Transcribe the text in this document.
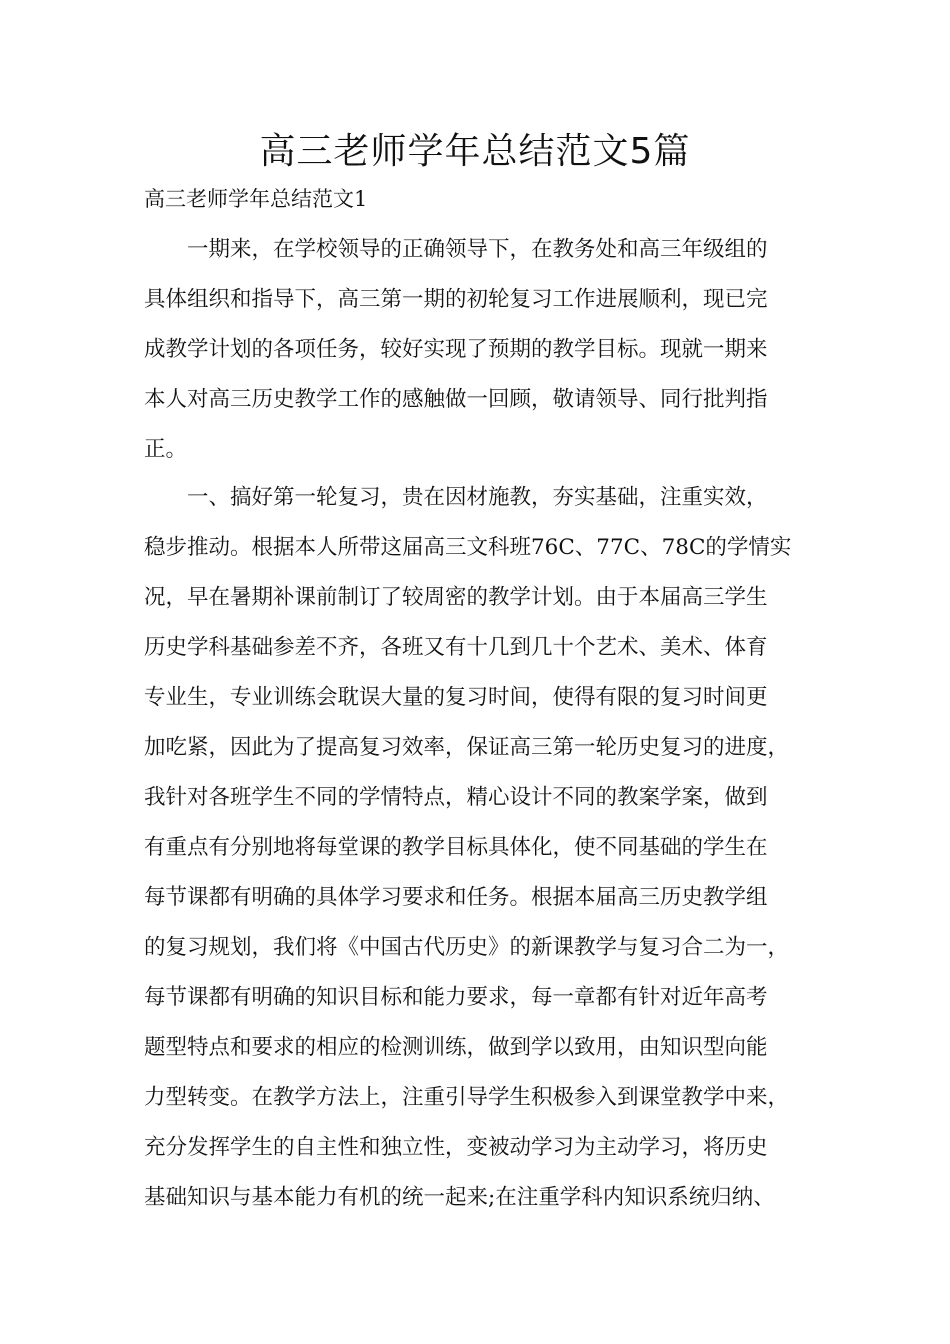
高三老师学年总结范文5篇

高三老师学年总结范文1

一期来，在学校领导的正确领导下，在教务处和高三年级组的

具体组织和指导下，高三第一期的初轮复习工作进展顺利，现已完

成教学计划的各项任务，较好实现了预期的教学目标。现就一期来

本人对高三历史教学工作的感触做一回顾，敬请领导、同行批判指

正。

一、搞好第一轮复习，贵在因材施教，夯实基础，注重实效，

稳步推动。根据本人所带这届高三文科班76C、77C、78C的学情实

况，早在暑期补课前制订了较周密的教学计划。由于本届高三学生

历史学科基础参差不齐，各班又有十几到几十个艺术、美术、体育

专业生，专业训练会耽误大量的复习时间，使得有限的复习时间更

加吃紧，因此为了提高复习效率，保证高三第一轮历史复习的进度，

我针对各班学生不同的学情特点，精心设计不同的教案学案，做到

有重点有分别地将每堂课的教学目标具体化，使不同基础的学生在

每节课都有明确的具体学习要求和任务。根据本届高三历史教学组

的复习规划，我们将《中国古代历史》的新课教学与复习合二为一，

每节课都有明确的知识目标和能力要求，每一章都有针对近年高考

题型特点和要求的相应的检测训练，做到学以致用，由知识型向能

力型转变。在教学方法上，注重引导学生积极参入到课堂教学中来，

充分发挥学生的自主性和独立性，变被动学习为主动学习，将历史

基础知识与基本能力有机的统一起来;在注重学科内知识系统归纳、
